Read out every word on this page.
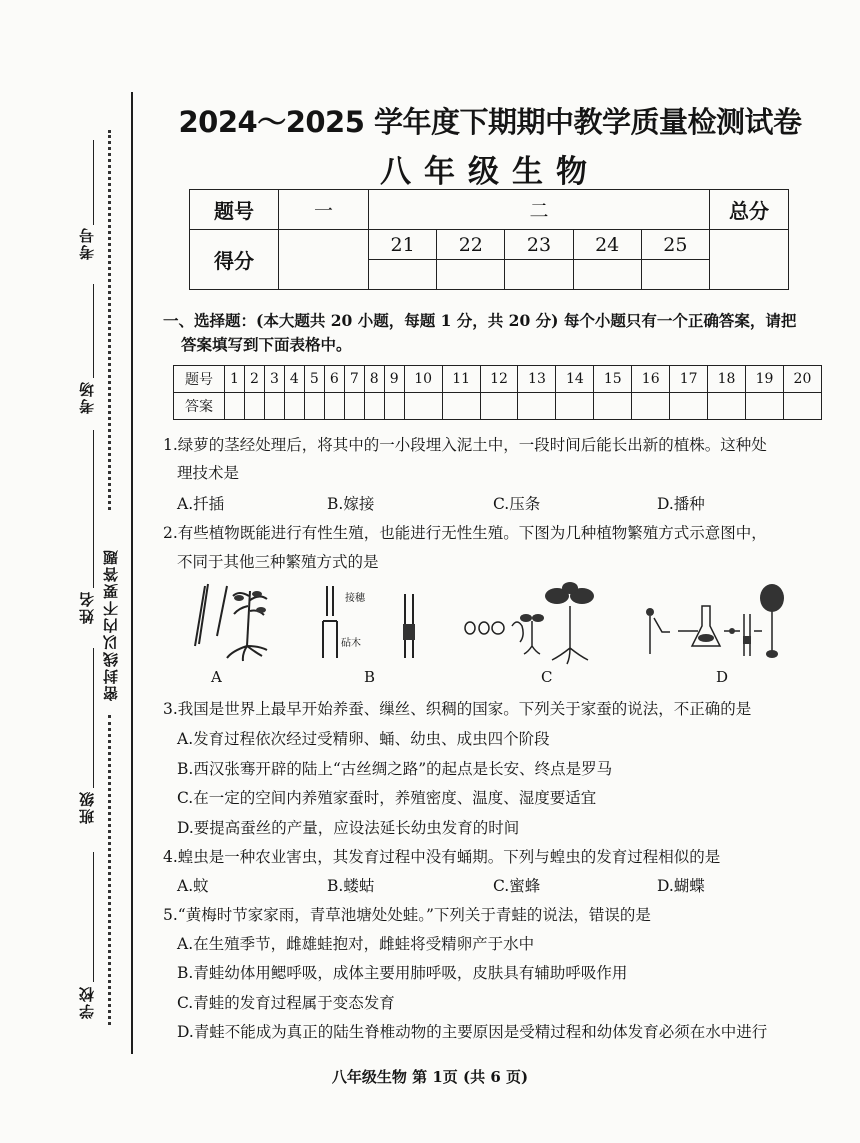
考号
考场
姓名 密封线以内不要答题
班级
学校
2024～2025 学年度下期期中教学质量检测试卷
八年级生物
题号	一	二					总分
得分		21	22	23	24	25	

一、选择题：(本大题共 20 小题，每题 1 分，共 20 分) 每个小题只有一个正确答案，请把
答案填写到下面表格中。
题号	1	2	3	4	5	6	7	8	9	10	11	12	13	14	15	16	17	18	19	20
答案																				
1.绿萝的茎经处理后，将其中的一小段埋入泥土中，一段时间后能长出新的植株。这种处
理技术是
A.扦插	B.嫁接	C.压条	D.播种
2.有些植物既能进行有性生殖，也能进行无性生殖。下图为几种植物繁殖方式示意图中，
不同于其他三种繁殖方式的是
A
接穗
砧木
B	C	D
3.我国是世界上最早开始养蚕、缫丝、织稠的国家。下列关于家蚕的说法，不正确的是
A.发育过程依次经过受精卵、蛹、幼虫、成虫四个阶段
B.西汉张骞开辟的陆上“古丝绸之路”的起点是长安、终点是罗马
C.在一定的空间内养殖家蚕时，养殖密度、温度、湿度要适宜
D.要提高蚕丝的产量，应设法延长幼虫发育的时间
4.蝗虫是一种农业害虫，其发育过程中没有蛹期。下列与蝗虫的发育过程相似的是
A.蚊	B.蝼蛄	C.蜜蜂	D.蝴蝶
5.“黄梅时节家家雨，青草池塘处处蛙。”下列关于青蛙的说法，错误的是
A.在生殖季节，雌雄蛙抱对，雌蛙将受精卵产于水中
B.青蛙幼体用鳃呼吸，成体主要用肺呼吸，皮肤具有辅助呼吸作用
C.青蛙的发育过程属于变态发育
D.青蛙不能成为真正的陆生脊椎动物的主要原因是受精过程和幼体发育必须在水中进行
八年级生物 第 1页 (共 6 页)
